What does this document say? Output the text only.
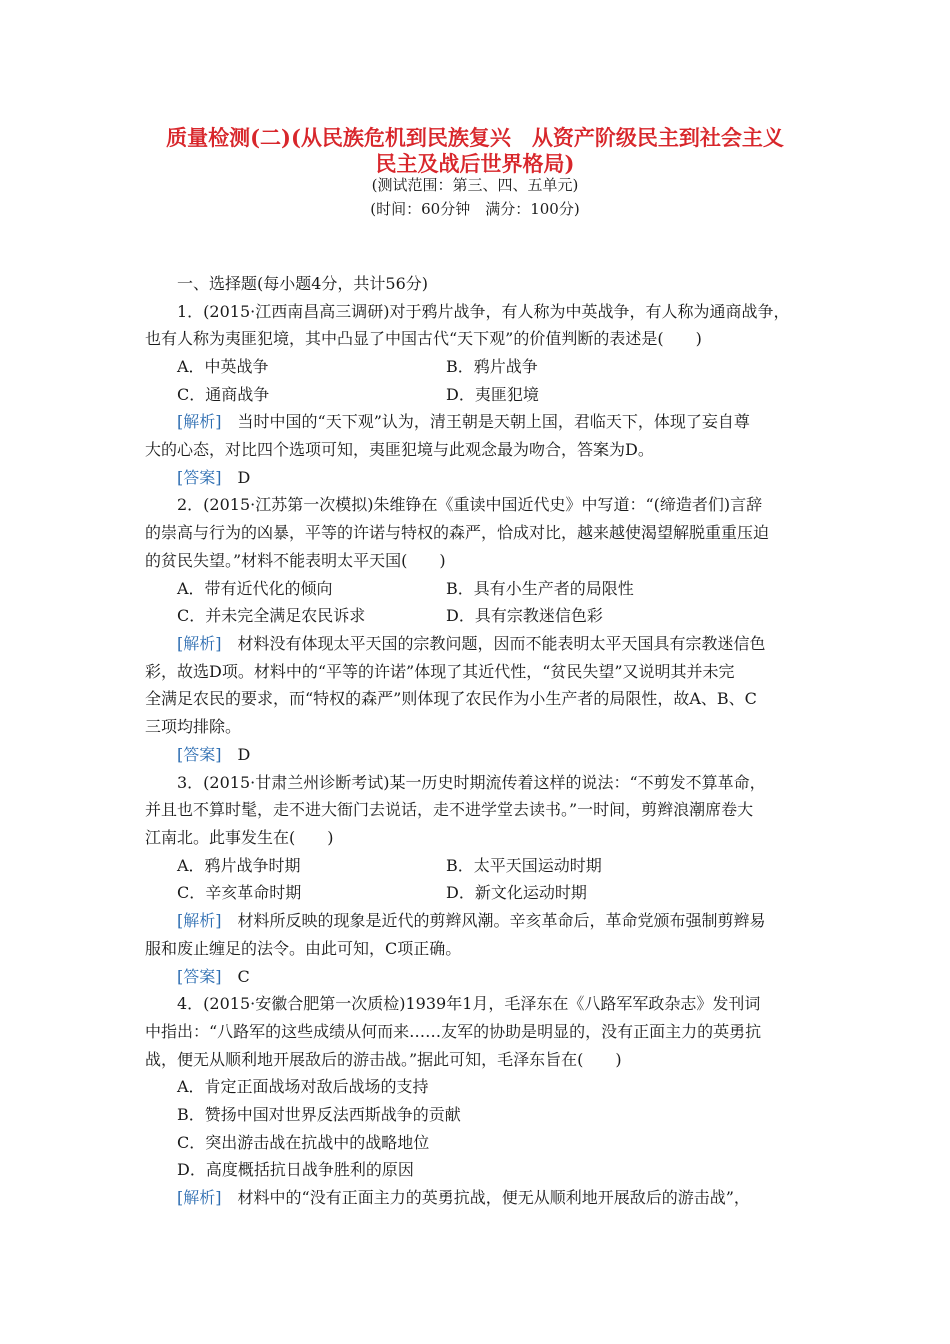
质量检测(二)(从民族危机到民族复兴　从资产阶级民主到社会主义
民主及战后世界格局)
(测试范围：第三、四、五单元)
(时间：60分钟　满分：100分)
一、选择题(每小题4分，共计56分)
1．(2015·江西南昌高三调研)对于鸦片战争，有人称为中英战争，有人称为通商战争，
也有人称为夷匪犯境，其中凸显了中国古代“天下观”的价值判断的表述是(　　)
A．中英战争	B．鸦片战争
C．通商战争	D．夷匪犯境
[解析]　 当时中国的“天下观”认为，清王朝是天朝上国，君临天下，体现了妄自尊
大的心态，对比四个选项可知，夷匪犯境与此观念最为吻合，答案为D。
[答案]　 D
2．(2015·江苏第一次模拟)朱维铮在《重读中国近代史》中写道：“(缔造者们)言辞
的崇高与行为的凶暴，平等的许诺与特权的森严，恰成对比，越来越使渴望解脱重重压迫
的贫民失望。”材料不能表明太平天国(　　)
A．带有近代化的倾向	B．具有小生产者的局限性
C．并未完全满足农民诉求	D．具有宗教迷信色彩
[解析]　 材料没有体现太平天国的宗教问题，因而不能表明太平天国具有宗教迷信色
彩，故选D项。材料中的“平等的许诺”体现了其近代性，“贫民失望”又说明其并未完
全满足农民的要求，而“特权的森严”则体现了农民作为小生产者的局限性，故A、B、C
三项均排除。
[答案]　 D
3．(2015·甘肃兰州诊断考试)某一历史时期流传着这样的说法：“不剪发不算革命，
并且也不算时髦，走不进大衙门去说话，走不进学堂去读书。”一时间，剪辫浪潮席卷大
江南北。此事发生在(　　)
A．鸦片战争时期	B．太平天国运动时期
C．辛亥革命时期	D．新文化运动时期
[解析]　 材料所反映的现象是近代的剪辫风潮。辛亥革命后，革命党颁布强制剪辫易
服和废止缠足的法令。由此可知，C项正确。
[答案]　 C
4．(2015·安徽合肥第一次质检)1939年1月，毛泽东在《八路军军政杂志》发刊词
中指出：“八路军的这些成绩从何而来……友军的协助是明显的，没有正面主力的英勇抗
战，便无从顺利地开展敌后的游击战。”据此可知，毛泽东旨在(　　)
A．肯定正面战场对敌后战场的支持
B．赞扬中国对世界反法西斯战争的贡献
C．突出游击战在抗战中的战略地位
D．高度概括抗日战争胜利的原因
[解析]　 材料中的“没有正面主力的英勇抗战，便无从顺利地开展敌后的游击战”，
